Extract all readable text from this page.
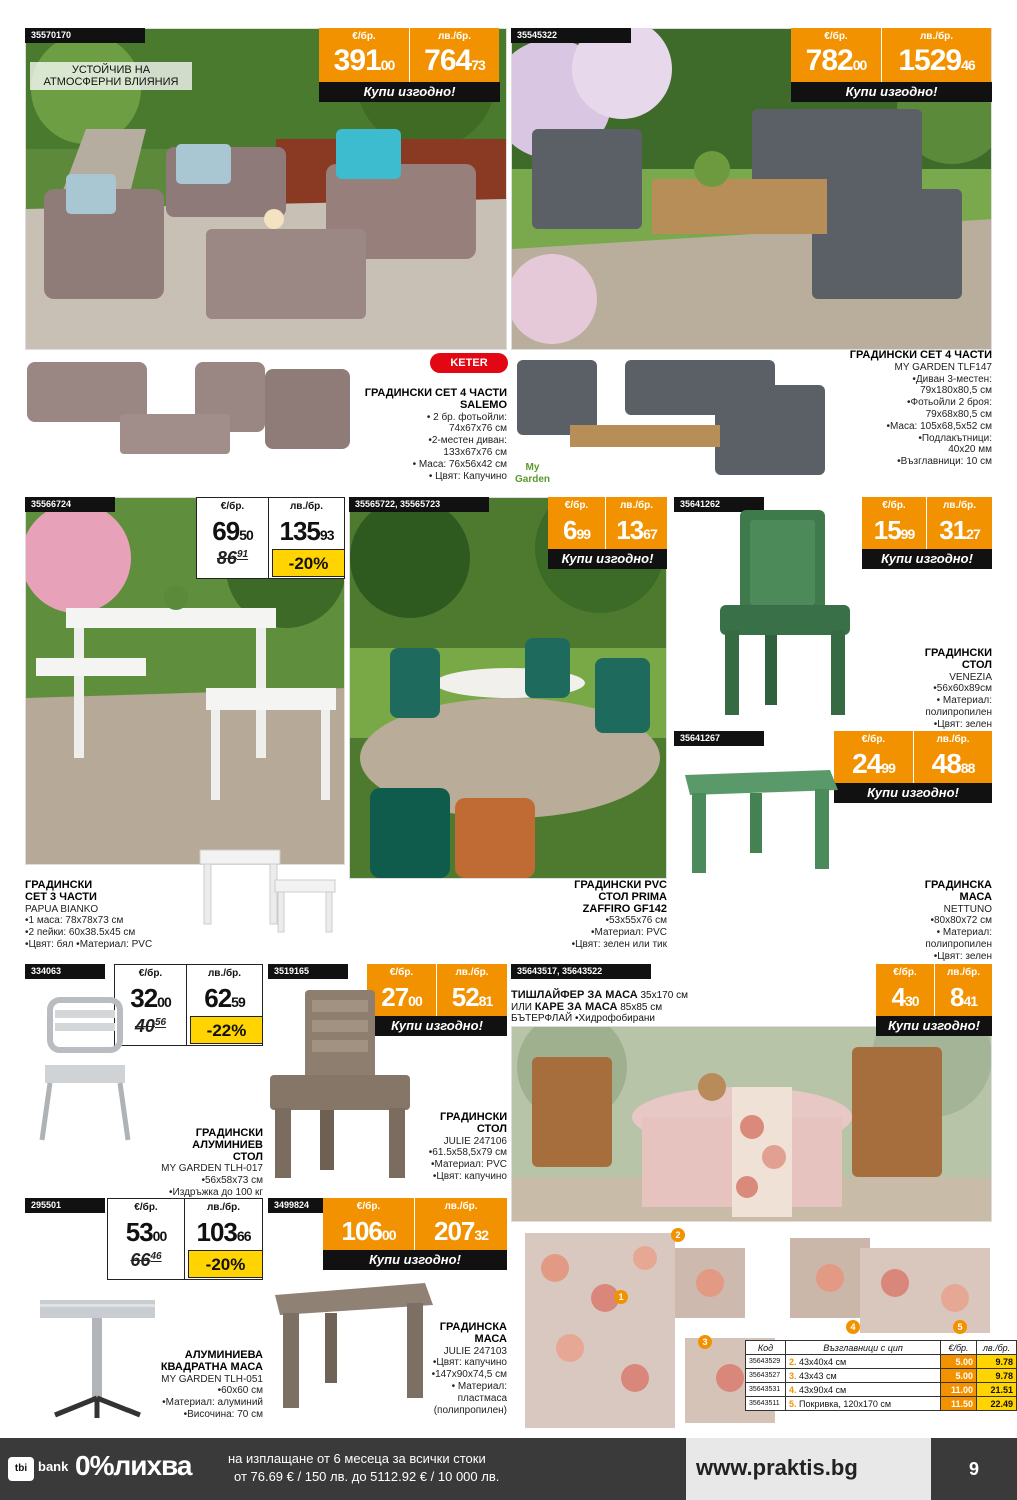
УСТОЙЧИВ НА АТМОСФЕРНИ ВЛИЯНИЯ
35570170	€/бр.
$391^{00}$
лв./бр.
$764^{73}$
Купи изгодно!
KETER
ГРАДИНСКИ СЕТ 4 ЧАСТИ SALEMO
• 2 бр. фотьойли:
74х67х76 см
•2-местен диван:
133х67х76 см
• Маса: 76х56х42 см
• Цвят: Капучино
35545322	€/бр.
$782^{00}$
лв./бр.
1529$^{46}$
Купи изгодно!
My Garden
ГРАДИНСКИ СЕТ 4 ЧАСТИ
MY GARDEN TLF147
•Диван 3-местен:
79х180х80,5 см
•Фотьойли 2 броя:
79х68х80,5 см
•Маса: 105х68,5х52 см
•Подлакътници:
40х20 мм
•Възглавници: 10 см
35566724	€/бр.
$69^{50}$
лв./бр.
$135^{93}$
$86^{91}$	-20%
ГРАДИНСКИ СЕТ 3 ЧАСТИ
PAPUA BIANKO
•1 маса: 78х78х73 см
•2 пейки: 60х38.5х45 см
•Цвят: бял •Материал: PVC
35565722, 35565723	€/бр.
$6^{99}$
лв./бр.
$13^{67}$
Купи изгодно!
ГРАДИНСКИ PVC СТОЛ PRIMA ZAFFIRO GF142
•53х55х76 см
•Материал: PVC
•Цвят: зелен или тик
35641262	€/бр.
$15^{99}$
лв./бр.
$31^{27}$
Купи изгодно!
ГРАДИНСКИ СТОЛ
VENEZIA
•56х60х89см
• Материал:
полипропилен
•Цвят: зелен
35641267	€/бр.
$24^{99}$
лв./бр.
$48^{88}$
Купи изгодно!
ГРАДИНСКА МАСА
NETTUNO
•80х80х72 см
• Материал:
полипропилен
•Цвят: зелен
334063	€/бр.
$32^{00}$
лв./бр.
$62^{59}$
$40^{56}$	-22%
ГРАДИНСКИ АЛУМИНИЕВ СТОЛ
MY GARDEN TLH-017
•56х58х73 см
•Издръжка до 100 кг
3519165	€/бр.
$27^{00}$
лв./бр.
$52^{81}$
Купи изгодно!
ГРАДИНСКИ СТОЛ
JULIE 247106
•61.5х58,5х79 см
•Материал: PVC
•Цвят: капучино
35643517, 35643522
ТИШЛАЙФЕР ЗА МАСА 35х170 см
ИЛИ КАРЕ ЗА МАСА 85х85 см
БЪТЕРФЛАЙ •Хидрофобирани
€/бр.
$4^{30}$
лв./бр.
$8^{41}$
Купи изгодно!
295501	€/бр.
$53^{00}$
лв./бр.
$103^{66}$
$66^{46}$	-20%
АЛУМИНИЕВА КВАДРАТНА МАСА
MY GARDEN TLH-051
•60х60 см
•Материал: алуминий
•Височина: 70 см
3499824	€/бр.
$106^{00}$
лв./бр.
$207^{32}$
Купи изгодно!
ГРАДИНСКА МАСА
JULIE 247103
•Цвят: капучино
•147х90х74,5 см
• Материал:
пластмаса
(полипропилен)
1
2
3
4	5
Код	Възглавници с цип	€/бр.	лв./бр.
35643529	2. 43х40х4 см	5.00	9.78
35643527	3. 43х43 см	5.00	9.78
35643531	4. 43х90х4 см	11.00	21.51
35643511	5. Покривка, 120х170 см	11.50	22.49
tbi bank 0%лихва	на изплащане от 6 месеца за всички стоки
от 76.69 € / 150 лв. до 5112.92 € / 10 000 лв.	www.praktis.bg	9
